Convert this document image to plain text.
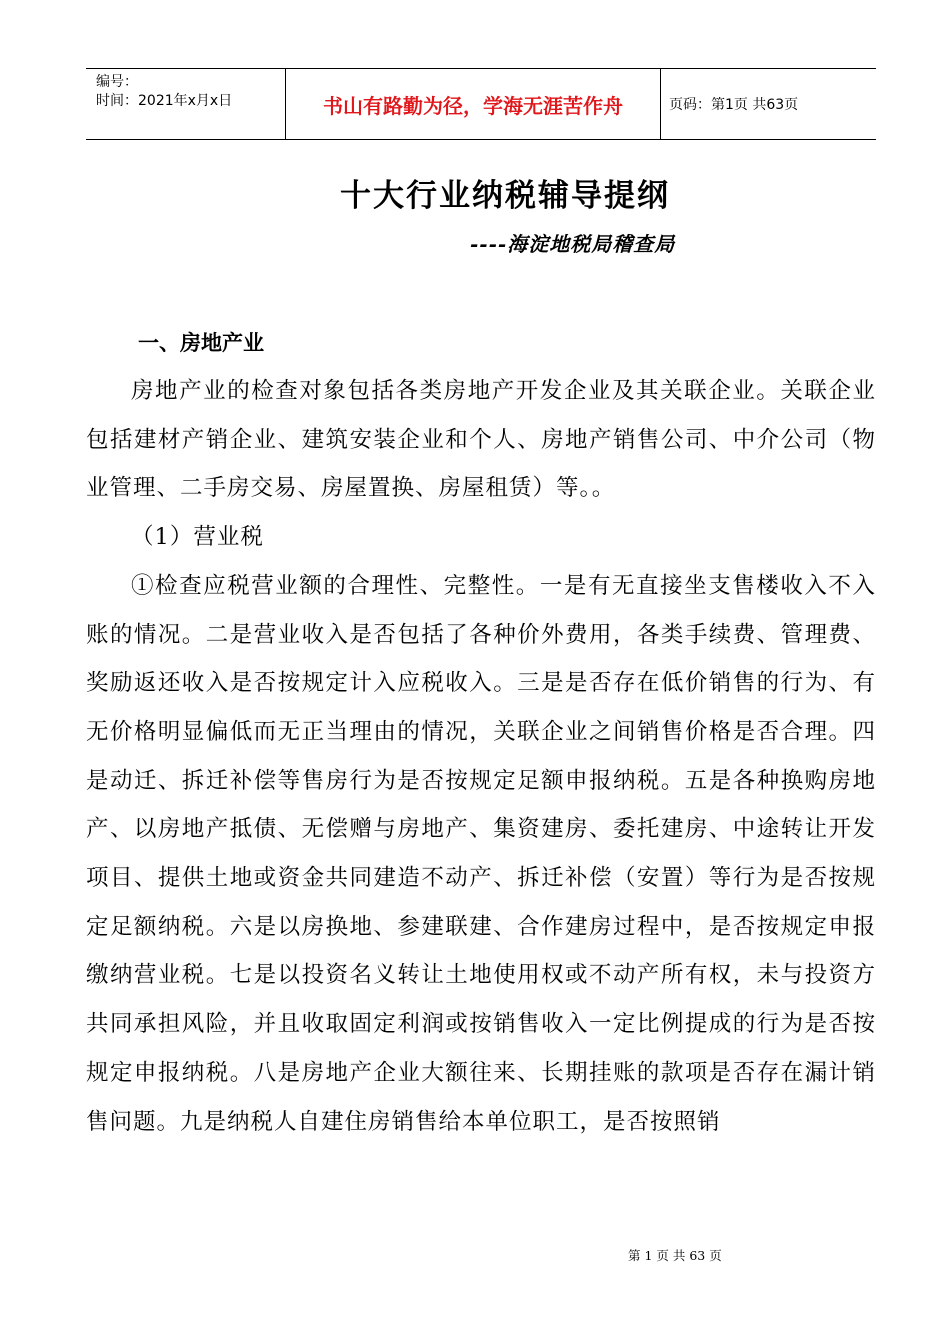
编号：
时间：2021年x月x日	书山有路勤为径，学海无涯苦作舟	页码：第1页 共63页
十大行业纳税辅导提纲
----海淀地税局稽查局
一、房地产业

房地产业的检查对象包括各类房地产开发企业及其关联企业。关联企业包括建材产销企业、建筑安装企业和个人、房地产销售公司、中介公司（物业管理、二手房交易、房屋置换、房屋租赁）等。。

（1）营业税

①检查应税营业额的合理性、完整性。一是有无直接坐支售楼收入不入账的情况。二是营业收入是否包括了各种价外费用，各类手续费、管理费、奖励返还收入是否按规定计入应税收入。三是是否存在低价销售的行为、有无价格明显偏低而无正当理由的情况，关联企业之间销售价格是否合理。四是动迁、拆迁补偿等售房行为是否按规定足额申报纳税。五是各种换购房地产、以房地产抵债、无偿赠与房地产、集资建房、委托建房、中途转让开发项目、提供土地或资金共同建造不动产、拆迁补偿（安置）等行为是否按规定足额纳税。六是以房换地、参建联建、合作建房过程中，是否按规定申报缴纳营业税。七是以投资名义转让土地使用权或不动产所有权，未与投资方共同承担风险，并且收取固定利润或按销售收入一定比例提成的行为是否按规定申报纳税。八是房地产企业大额往来、长期挂账的款项是否存在漏计销售问题。九是纳税人自建住房销售给本单位职工，是否按照销

第 1 页 共 63 页
